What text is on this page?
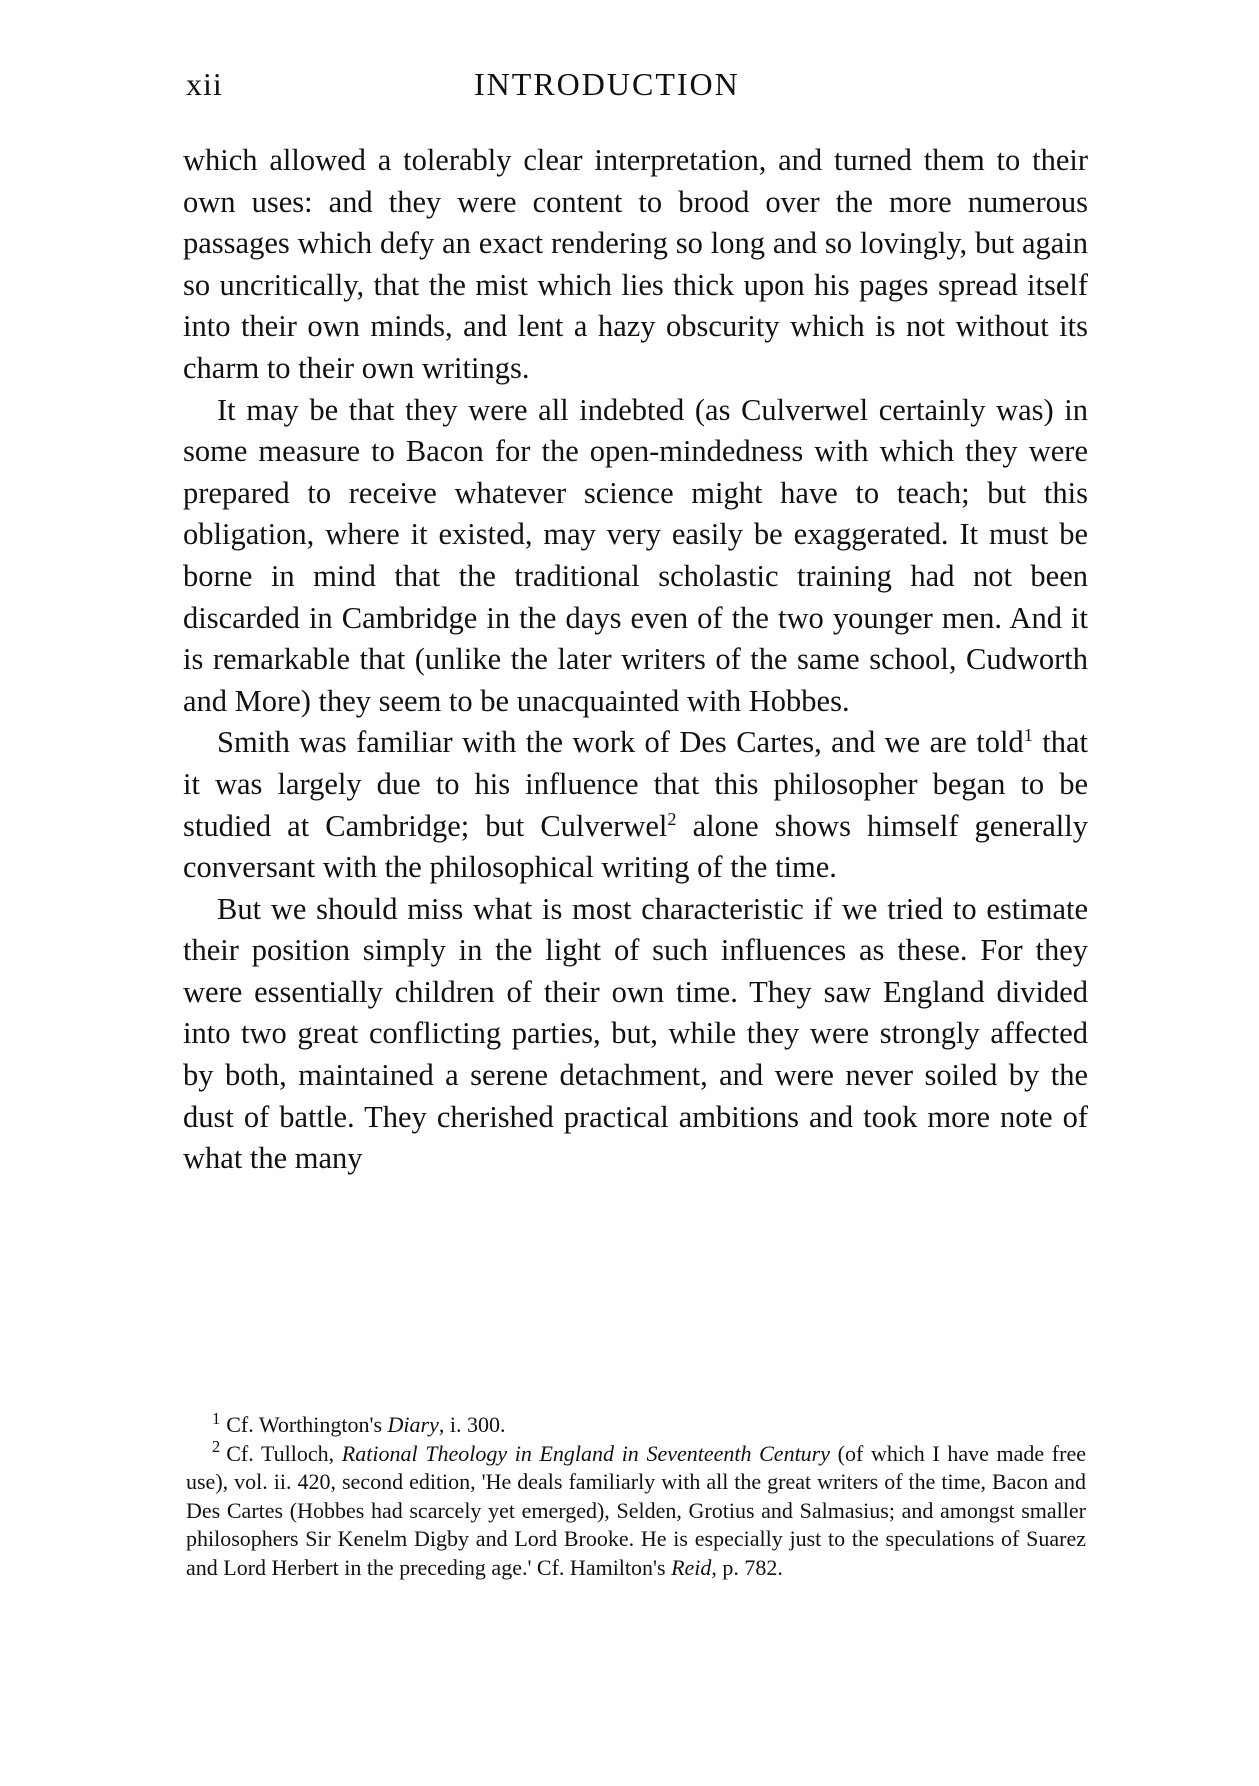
xii	INTRODUCTION

which allowed a tolerably clear interpretation, and turned them to their own uses: and they were content to brood over the more numerous passages which defy an exact rendering so long and so lovingly, but again so uncritically, that the mist which lies thick upon his pages spread itself into their own minds, and lent a hazy obscurity which is not without its charm to their own writings.

It may be that they were all indebted (as Culverwel certainly was) in some measure to Bacon for the open-mindedness with which they were prepared to receive whatever science might have to teach; but this obligation, where it existed, may very easily be exaggerated. It must be borne in mind that the traditional scholastic training had not been discarded in Cambridge in the days even of the two younger men. And it is remarkable that (unlike the later writers of the same school, Cudworth and More) they seem to be unacquainted with Hobbes.

Smith was familiar with the work of Des Cartes, and we are told$^1$ that it was largely due to his influence that this philosopher began to be studied at Cambridge; but Culverwel$^2$ alone shows himself generally conversant with the philosophical writing of the time.

But we should miss what is most characteristic if we tried to estimate their position simply in the light of such influences as these. For they were essentially children of their own time. They saw England divided into two great conflicting parties, but, while they were strongly affected by both, maintained a serene detachment, and were never soiled by the dust of battle. They cherished practical ambitions and took more note of what the many

$^1$ Cf. Worthington's Diary, i. 300.

$^2$ Cf. Tulloch, Rational Theology in England in Seventeenth Century (of which I have made free use), vol. ii. 420, second edition, 'He deals familiarly with all the great writers of the time, Bacon and Des Cartes (Hobbes had scarcely yet emerged), Selden, Grotius and Salmasius; and amongst smaller philosophers Sir Kenelm Digby and Lord Brooke. He is especially just to the speculations of Suarez and Lord Herbert in the preceding age.' Cf. Hamilton's Reid, p. 782.
